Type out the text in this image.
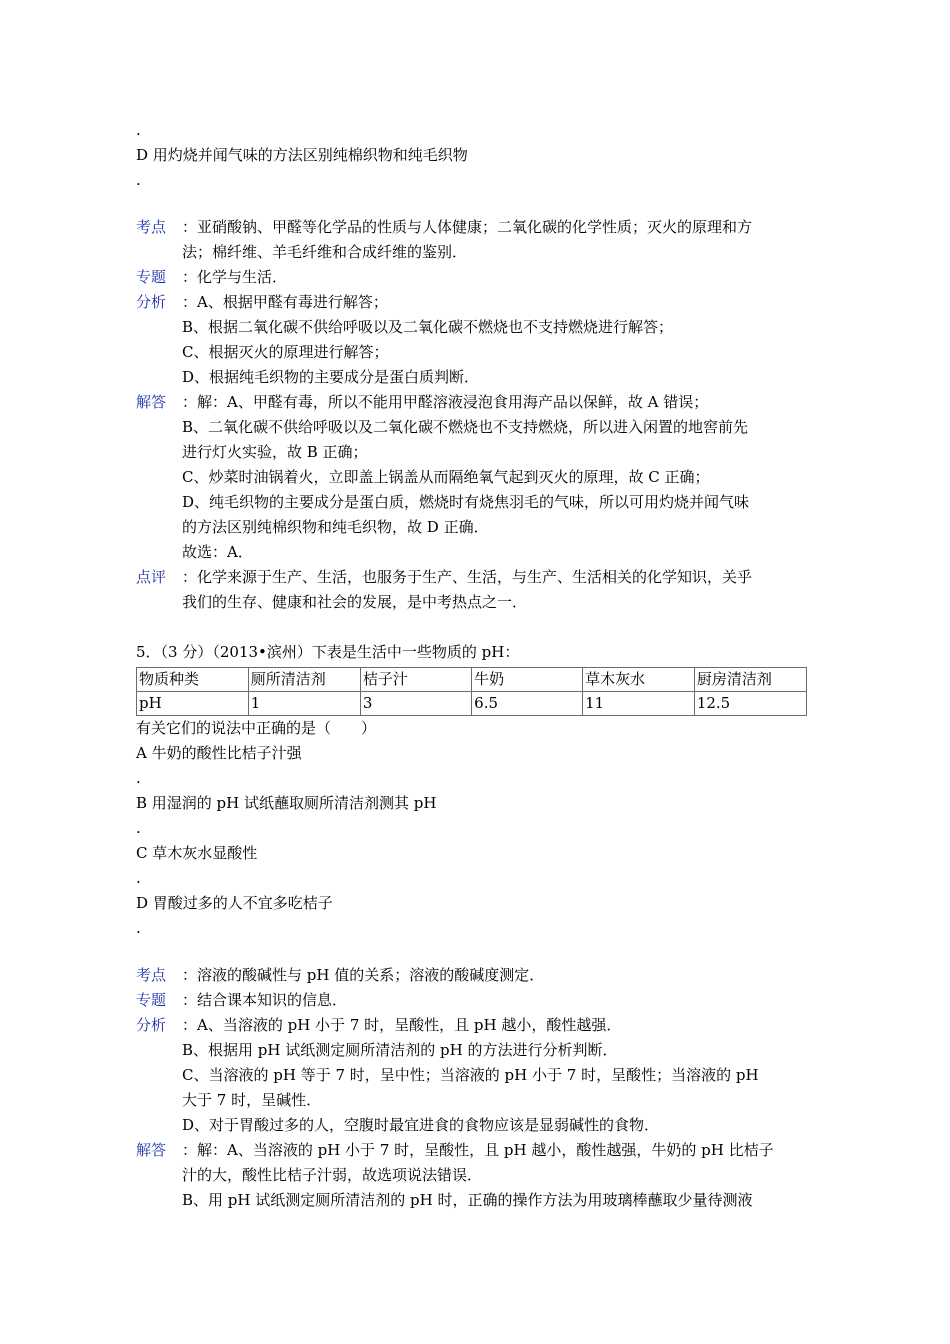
.
D 用灼烧并闻气味的方法区别纯棉织物和纯毛织物
.
考点	：亚硝酸钠、甲醛等化学品的性质与人体健康；二氧化碳的化学性质；灭火的原理和方
法；棉纤维、羊毛纤维和合成纤维的鉴别．
专题	：化学与生活．
分析	：A、根据甲醛有毒进行解答；
B、根据二氧化碳不供给呼吸以及二氧化碳不燃烧也不支持燃烧进行解答；
C、根据灭火的原理进行解答；
D、根据纯毛织物的主要成分是蛋白质判断．
解答	：解：A、甲醛有毒，所以不能用甲醛溶液浸泡食用海产品以保鲜，故 A 错误；
B、二氧化碳不供给呼吸以及二氧化碳不燃烧也不支持燃烧，所以进入闲置的地窖前先
进行灯火实验，故 B 正确；
C、炒菜时油锅着火，立即盖上锅盖从而隔绝氧气起到灭火的原理，故 C 正确；
D、纯毛织物的主要成分是蛋白质，燃烧时有烧焦羽毛的气味，所以可用灼烧并闻气味
的方法区别纯棉织物和纯毛织物，故 D 正确．
故选：A．
点评	：化学来源于生产、生活，也服务于生产、生活，与生产、生活相关的化学知识，关乎
我们的生存、健康和社会的发展，是中考热点之一．
5．（3 分）（2013•滨州）下表是生活中一些物质的 pH：
物质种类	厕所清洁剂	桔子汁	牛奶	草木灰水	厨房清洁剂
pH	1	3	6.5	11	12.5
有关它们的说法中正确的是（　　）
A 牛奶的酸性比桔子汁强
.
B 用湿润的 pH 试纸蘸取厕所清洁剂测其 pH
.
C 草木灰水显酸性
.
D 胃酸过多的人不宜多吃桔子
.
考点	：溶液的酸碱性与 pH 值的关系；溶液的酸碱度测定．
专题	：结合课本知识的信息．
分析	：A、当溶液的 pH 小于 7 时，呈酸性，且 pH 越小，酸性越强．
B、根据用 pH 试纸测定厕所清洁剂的 pH 的方法进行分析判断．
C、当溶液的 pH 等于 7 时，呈中性；当溶液的 pH 小于 7 时，呈酸性；当溶液的 pH
大于 7 时，呈碱性．
D、对于胃酸过多的人，空腹时最宜进食的食物应该是显弱碱性的食物．
解答	：解：A、当溶液的 pH 小于 7 时，呈酸性，且 pH 越小，酸性越强，牛奶的 pH 比桔子
汁的大，酸性比桔子汁弱，故选项说法错误．
B、用 pH 试纸测定厕所清洁剂的 pH 时，正确的操作方法为用玻璃棒蘸取少量待测液
